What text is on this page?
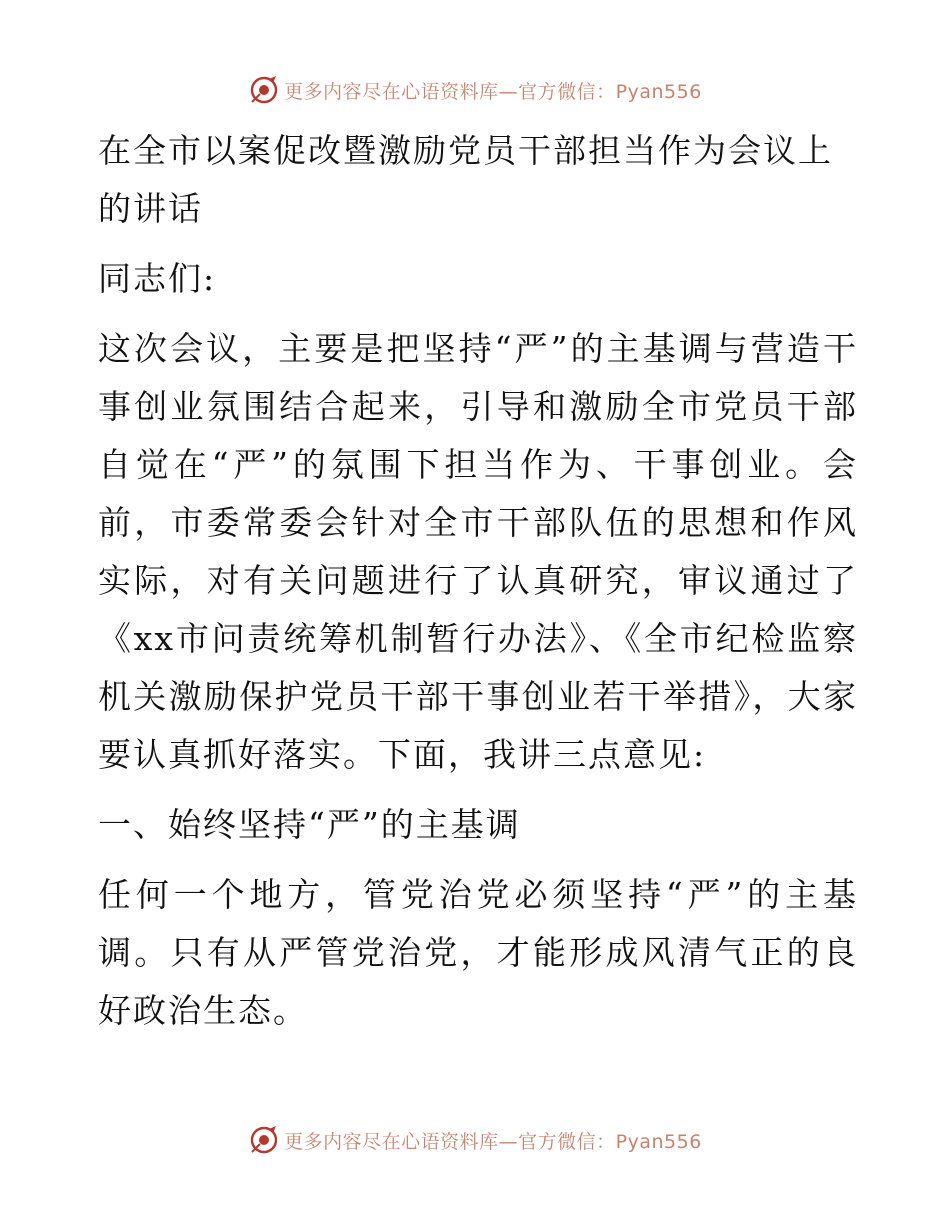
更多内容尽在心语资料库—官方微信：Pyan556
在全市以案促改暨激励党员干部担当作为会议上的讲话

同志们:

这次会议，主要是把坚持“严”的主基调与营造干事创业氛围结合起来，引导和激励全市党员干部自觉在“严”的氛围下担当作为、干事创业。会前，市委常委会针对全市干部队伍的思想和作风实际，对有关问题进行了认真研究，审议通过了《xx市问责统筹机制暂行办法》、《全市纪检监察机关激励保护党员干部干事创业若干举措》，大家要认真抓好落实。下面，我讲三点意见:

一、始终坚持“严”的主基调

任何一个地方，管党治党必须坚持“严”的主基调。只有从严管党治党，才能形成风清气正的良好政治生态。

更多内容尽在心语资料库—官方微信：Pyan556
